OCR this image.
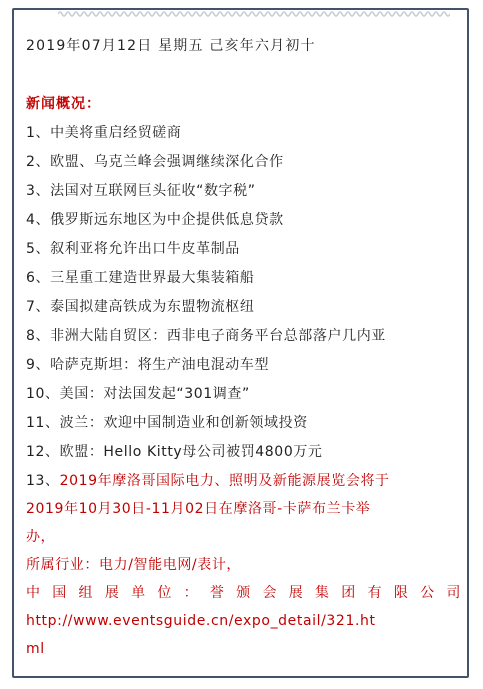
2019年07月12日 星期五 己亥年六月初十
新闻概况：
1、中美将重启经贸磋商
2、欧盟、乌克兰峰会强调继续深化合作
3、法国对互联网巨头征收“数字税”
4、俄罗斯远东地区为中企提供低息贷款
5、叙利亚将允许出口牛皮革制品
6、三星重工建造世界最大集装箱船
7、泰国拟建高铁成为东盟物流枢纽
8、非洲大陆自贸区：西非电子商务平台总部落户几内亚
9、哈萨克斯坦：将生产油电混动车型
10、美国：对法国发起“301调查”
11、波兰：欢迎中国制造业和创新领域投资
12、欧盟：Hello Kitty母公司被罚4800万元
13、2019年摩洛哥国际电力、照明及新能源展览会将于
2019年10月30日-11月02日在摩洛哥-卡萨布兰卡举
办，
所属行业：电力/智能电网/表计，
中国组展单位：誉颁会展集团有限公司
http://www.eventsguide.cn/expo_detail/321.ht
ml
